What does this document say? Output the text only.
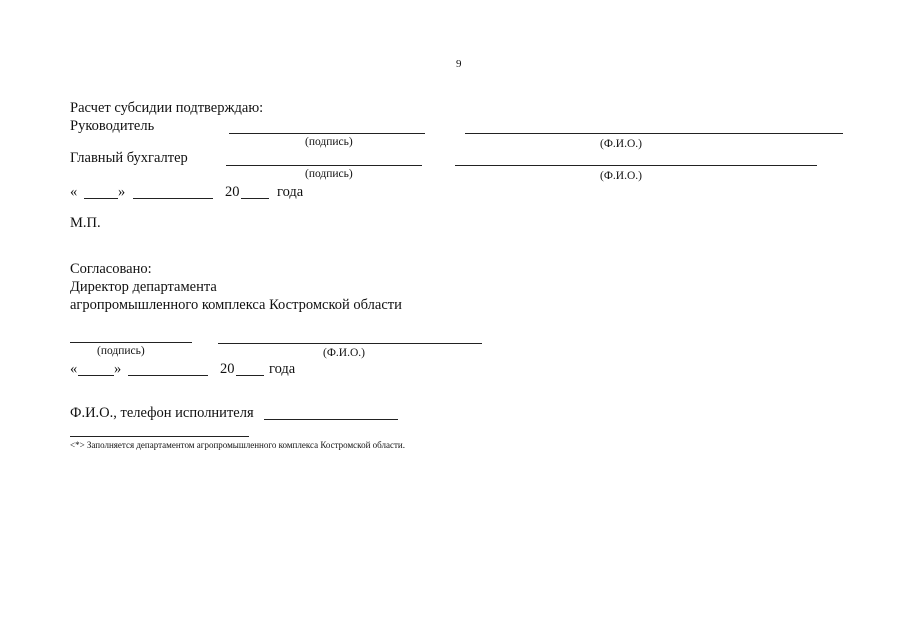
9
Расчет субсидии подтверждаю:
Руководитель
(подпись)	(Ф.И.О.)
Главный бухгалтер
(подпись)	(Ф.И.О.)
«	»	20	года
М.П.
Согласовано:
Директор департамента
агропромышленного комплекса Костромской области
(подпись)	(Ф.И.О.)
«	»	20 года
Ф.И.О., телефон исполнителя
<*> Заполняется департаментом агропромышленного комплекса Костромской области.
